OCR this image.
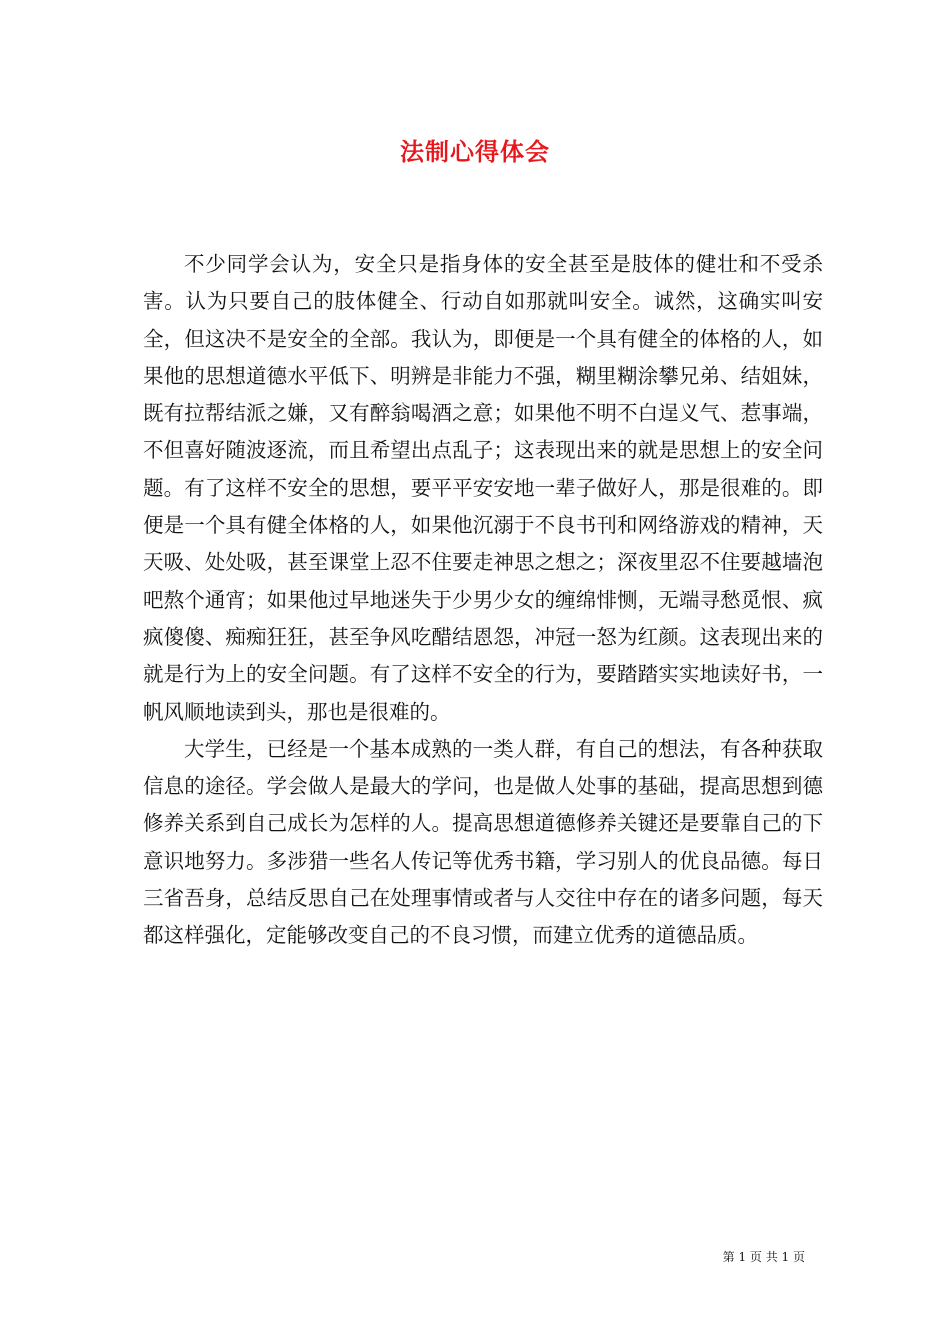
法制心得体会

不少同学会认为，安全只是指身体的安全甚至是肢体的健壮和不受杀害。认为只要自己的肢体健全、行动自如那就叫安全。诚然，这确实叫安全，但这决不是安全的全部。我认为，即便是一个具有健全的体格的人，如果他的思想道德水平低下、明辨是非能力不强，糊里糊涂攀兄弟、结姐妹，既有拉帮结派之嫌，又有醉翁喝酒之意；如果他不明不白逞义气、惹事端，不但喜好随波逐流，而且希望出点乱子；这表现出来的就是思想上的安全问题。有了这样不安全的思想，要平平安安地一辈子做好人，那是很难的。即便是一个具有健全体格的人，如果他沉溺于不良书刊和网络游戏的精神，天天吸、处处吸，甚至课堂上忍不住要走神思之想之；深夜里忍不住要越墙泡吧熬个通宵；如果他过早地迷失于少男少女的缠绵悱恻，无端寻愁觅恨、疯疯傻傻、痴痴狂狂，甚至争风吃醋结恩怨，冲冠一怒为红颜。这表现出来的就是行为上的安全问题。有了这样不安全的行为，要踏踏实实地读好书，一帆风顺地读到头，那也是很难的。

大学生，已经是一个基本成熟的一类人群，有自己的想法，有各种获取信息的途径。学会做人是最大的学问，也是做人处事的基础，提高思想到德修养关系到自己成长为怎样的人。提高思想道德修养关键还是要靠自己的下意识地努力。多涉猎一些名人传记等优秀书籍，学习别人的优良品德。每日三省吾身，总结反思自己在处理事情或者与人交往中存在的诸多问题，每天都这样强化，定能够改变自己的不良习惯，而建立优秀的道德品质。

第 1 页 共 1 页
